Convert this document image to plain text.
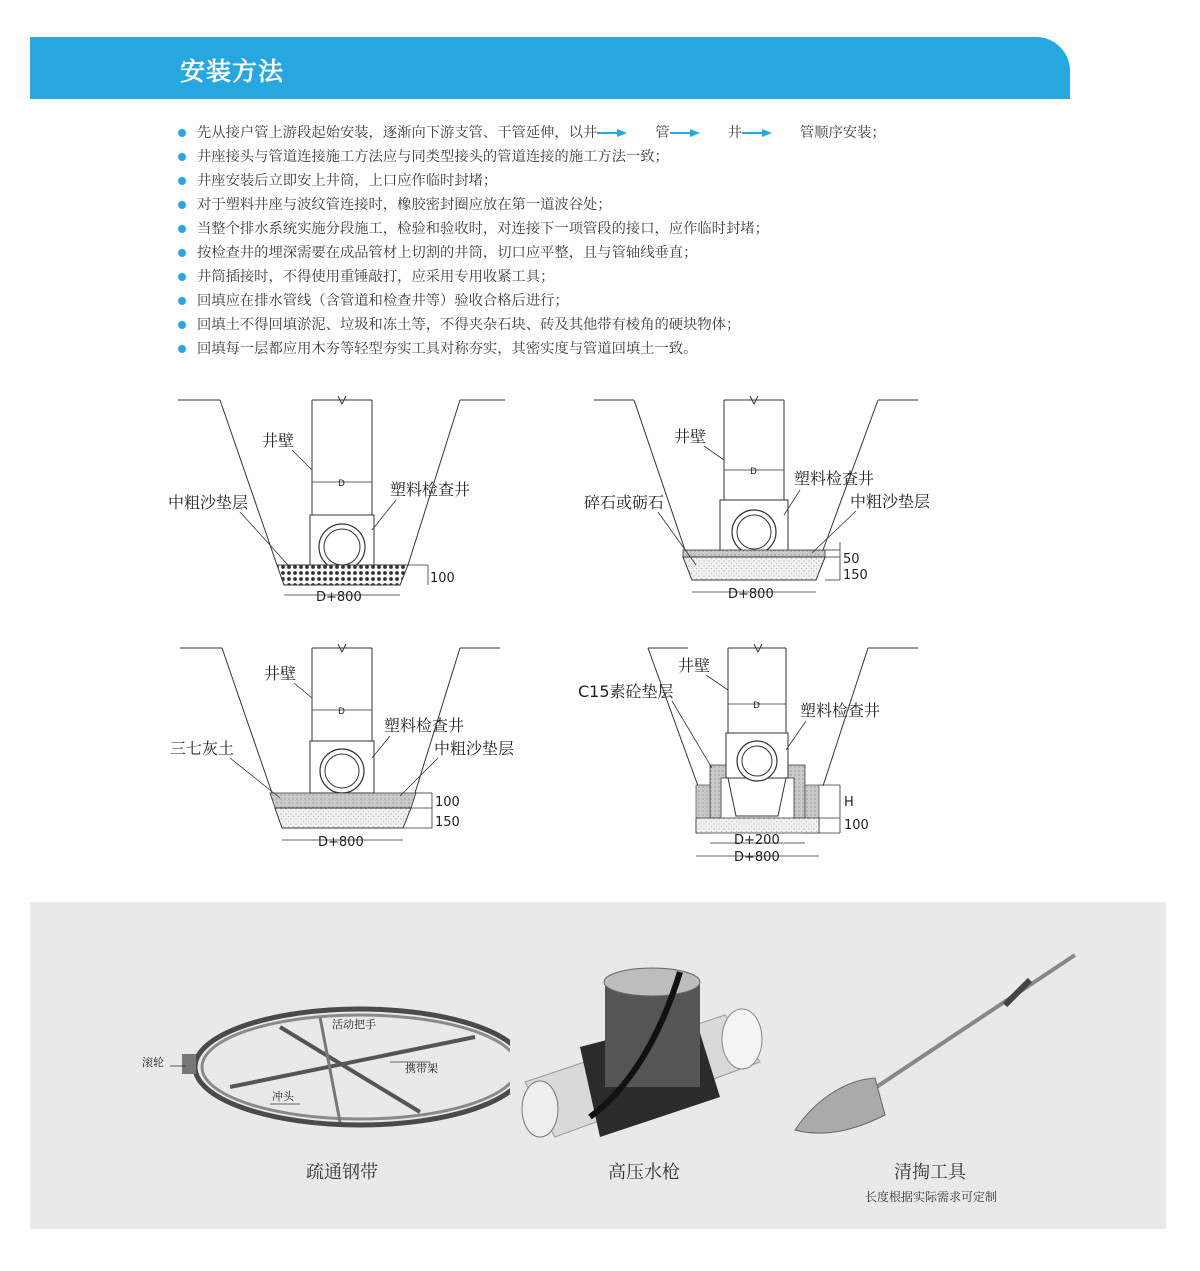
安装方法
先从接户管上游段起始安装，逐渐向下游支管、干管延伸，以井	管	井	管顺序安装；
井座接头与管道连接施工方法应与同类型接头的管道连接的施工方法一致；
井座安装后立即安上井筒，上口应作临时封堵；
对于塑料井座与波纹管连接时，橡胶密封圈应放在第一道波谷处；
当整个排水系统实施分段施工，检验和验收时，对连接下一项管段的接口，应作临时封堵；
按检查井的埋深需要在成品管材上切割的井筒，切口应平整，且与管轴线垂直；
井筒插接时，不得使用重锤敲打，应采用专用收紧工具；
回填应在排水管线（含管道和检查井等）验收合格后进行；
回填土不得回填淤泥、垃圾和冻土等，不得夹杂石块、砖及其他带有棱角的硬块物体；
回填每一层都应用木夯等轻型夯实工具对称夯实，其密实度与管道回填土一致。
D
D+800
100
井壁
塑料检查井
中粗沙垫层
D
D+800
50
150
井壁
塑料检查井
中粗沙垫层
碎石或砺石
D
D+800
100
150
井壁
塑料检查井
中粗沙垫层
三七灰土
D
D+200
D+800
H
100
井壁
C15素砼垫层
塑料检查井
滚轮
活动把手
携带架
冲头
疏通钢带	高压水枪	清掏工具
长度根据实际需求可定制
